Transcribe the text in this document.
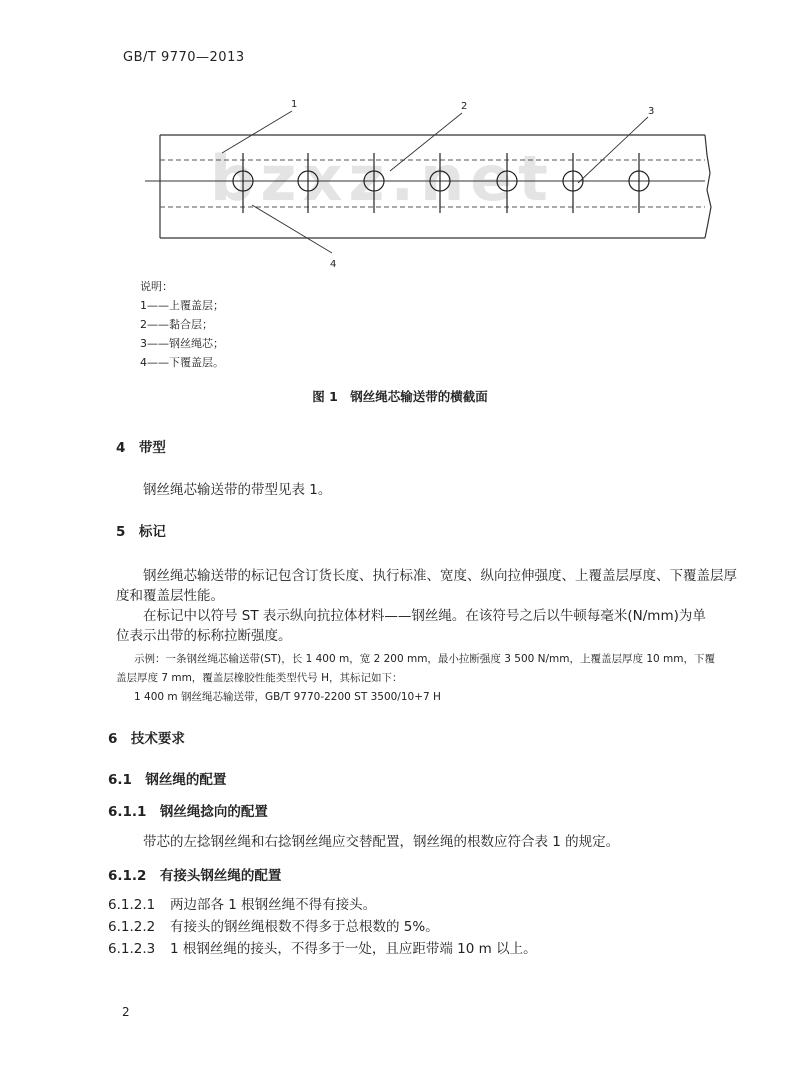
GB/T 9770—2013
bzxz.net
1	2	3
4
说明：
1——上覆盖层；
2——黏合层；
3——钢丝绳芯；
4——下覆盖层。
图 1　钢丝绳芯输送带的横截面
4　带型
钢丝绳芯输送带的带型见表 1。
5　标记
钢丝绳芯输送带的标记包含订货长度、执行标准、宽度、纵向拉伸强度、上覆盖层厚度、下覆盖层厚
度和覆盖层性能。
在标记中以符号 ST 表示纵向抗拉体材料——钢丝绳。在该符号之后以牛顿每毫米(N/mm)为单
位表示出带的标称拉断强度。
示例：一条钢丝绳芯输送带(ST)，长 1 400 m，宽 2 200 mm，最小拉断强度 3 500 N/mm，上覆盖层厚度 10 mm，下覆
盖层厚度 7 mm，覆盖层橡胶性能类型代号 H，其标记如下：
1 400 m 钢丝绳芯输送带，GB/T 9770-2200 ST 3500/10+7 H
6　技术要求
6.1　钢丝绳的配置
6.1.1　钢丝绳捻向的配置
带芯的左捻钢丝绳和右捻钢丝绳应交替配置，钢丝绳的根数应符合表 1 的规定。
6.1.2　有接头钢丝绳的配置
6.1.2.1 两边部各 1 根钢丝绳不得有接头。
6.1.2.2 有接头的钢丝绳根数不得多于总根数的 5%。
6.1.2.3 1 根钢丝绳的接头，不得多于一处，且应距带端 10 m 以上。
2
